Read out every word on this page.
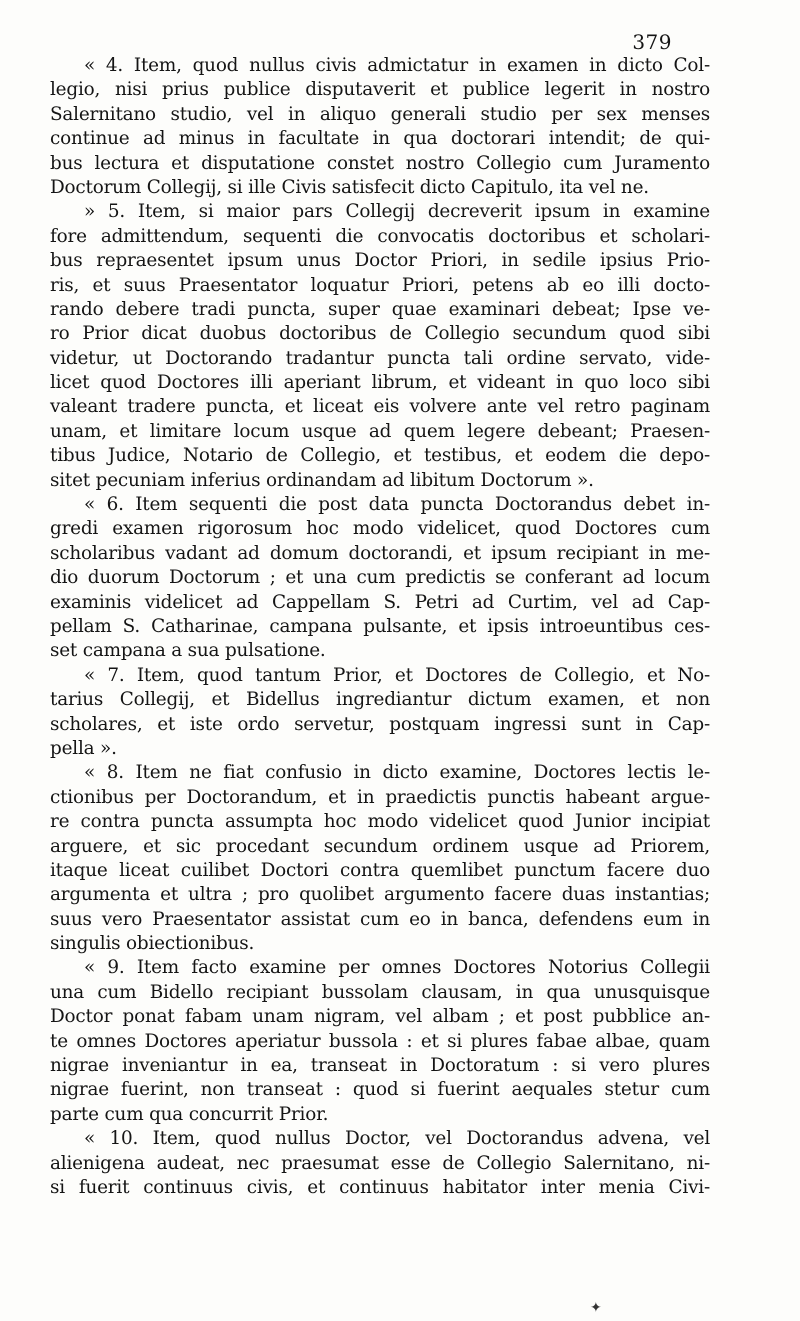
379
« 4. Item, quod nullus civis admictatur in examen in dicto Col-
legio, nisi prius publice disputaverit et publice legerit in nostro
Salernitano studio, vel in aliquo generali studio per sex menses
continue ad minus in facultate in qua doctorari intendit; de qui-
bus lectura et disputatione constet nostro Collegio cum Juramento
Doctorum Collegij, si ille Civis satisfecit dicto Capitulo, ita vel ne.
» 5. Item, si maior pars Collegij decreverit ipsum in examine
fore admittendum, sequenti die convocatis doctoribus et scholari-
bus repraesentet ipsum unus Doctor Priori, in sedile ipsius Prio-
ris, et suus Praesentator loquatur Priori, petens ab eo illi docto-
rando debere tradi puncta, super quae examinari debeat; Ipse ve-
ro Prior dicat duobus doctoribus de Collegio secundum quod sibi
videtur, ut Doctorando tradantur puncta tali ordine servato, vide-
licet quod Doctores illi aperiant librum, et videant in quo loco sibi
valeant tradere puncta, et liceat eis volvere ante vel retro paginam
unam, et limitare locum usque ad quem legere debeant; Praesen-
tibus Judice, Notario de Collegio, et testibus, et eodem die depo-
sitet pecuniam inferius ordinandam ad libitum Doctorum ».
« 6. Item sequenti die post data puncta Doctorandus debet in-
gredi examen rigorosum hoc modo videlicet, quod Doctores cum
scholaribus vadant ad domum doctorandi, et ipsum recipiant in me-
dio duorum Doctorum ; et una cum predictis se conferant ad locum
examinis videlicet ad Cappellam S. Petri ad Curtim, vel ad Cap-
pellam S. Catharinae, campana pulsante, et ipsis introeuntibus ces-
set campana a sua pulsatione.
« 7. Item, quod tantum Prior, et Doctores de Collegio, et No-
tarius Collegij, et Bidellus ingrediantur dictum examen, et non
scholares, et iste ordo servetur, postquam ingressi sunt in Cap-
pella ».
« 8. Item ne fiat confusio in dicto examine, Doctores lectis le-
ctionibus per Doctorandum, et in praedictis punctis habeant argue-
re contra puncta assumpta hoc modo videlicet quod Junior incipiat
arguere, et sic procedant secundum ordinem usque ad Priorem,
itaque liceat cuilibet Doctori contra quemlibet punctum facere duo
argumenta et ultra ; pro quolibet argumento facere duas instantias;
suus vero Praesentator assistat cum eo in banca, defendens eum in
singulis obiectionibus.
« 9. Item facto examine per omnes Doctores Notorius Collegii
una cum Bidello recipiant bussolam clausam, in qua unusquisque
Doctor ponat fabam unam nigram, vel albam ; et post pubblice an-
te omnes Doctores aperiatur bussola : et si plures fabae albae, quam
nigrae inveniantur in ea, transeat in Doctoratum : si vero plures
nigrae fuerint, non transeat : quod si fuerint aequales stetur cum
parte cum qua concurrit Prior.
« 10. Item, quod nullus Doctor, vel Doctorandus advena, vel
alienigena audeat, nec praesumat esse de Collegio Salernitano, ni-
si fuerit continuus civis, et continuus habitator inter menia Civi-
✦
